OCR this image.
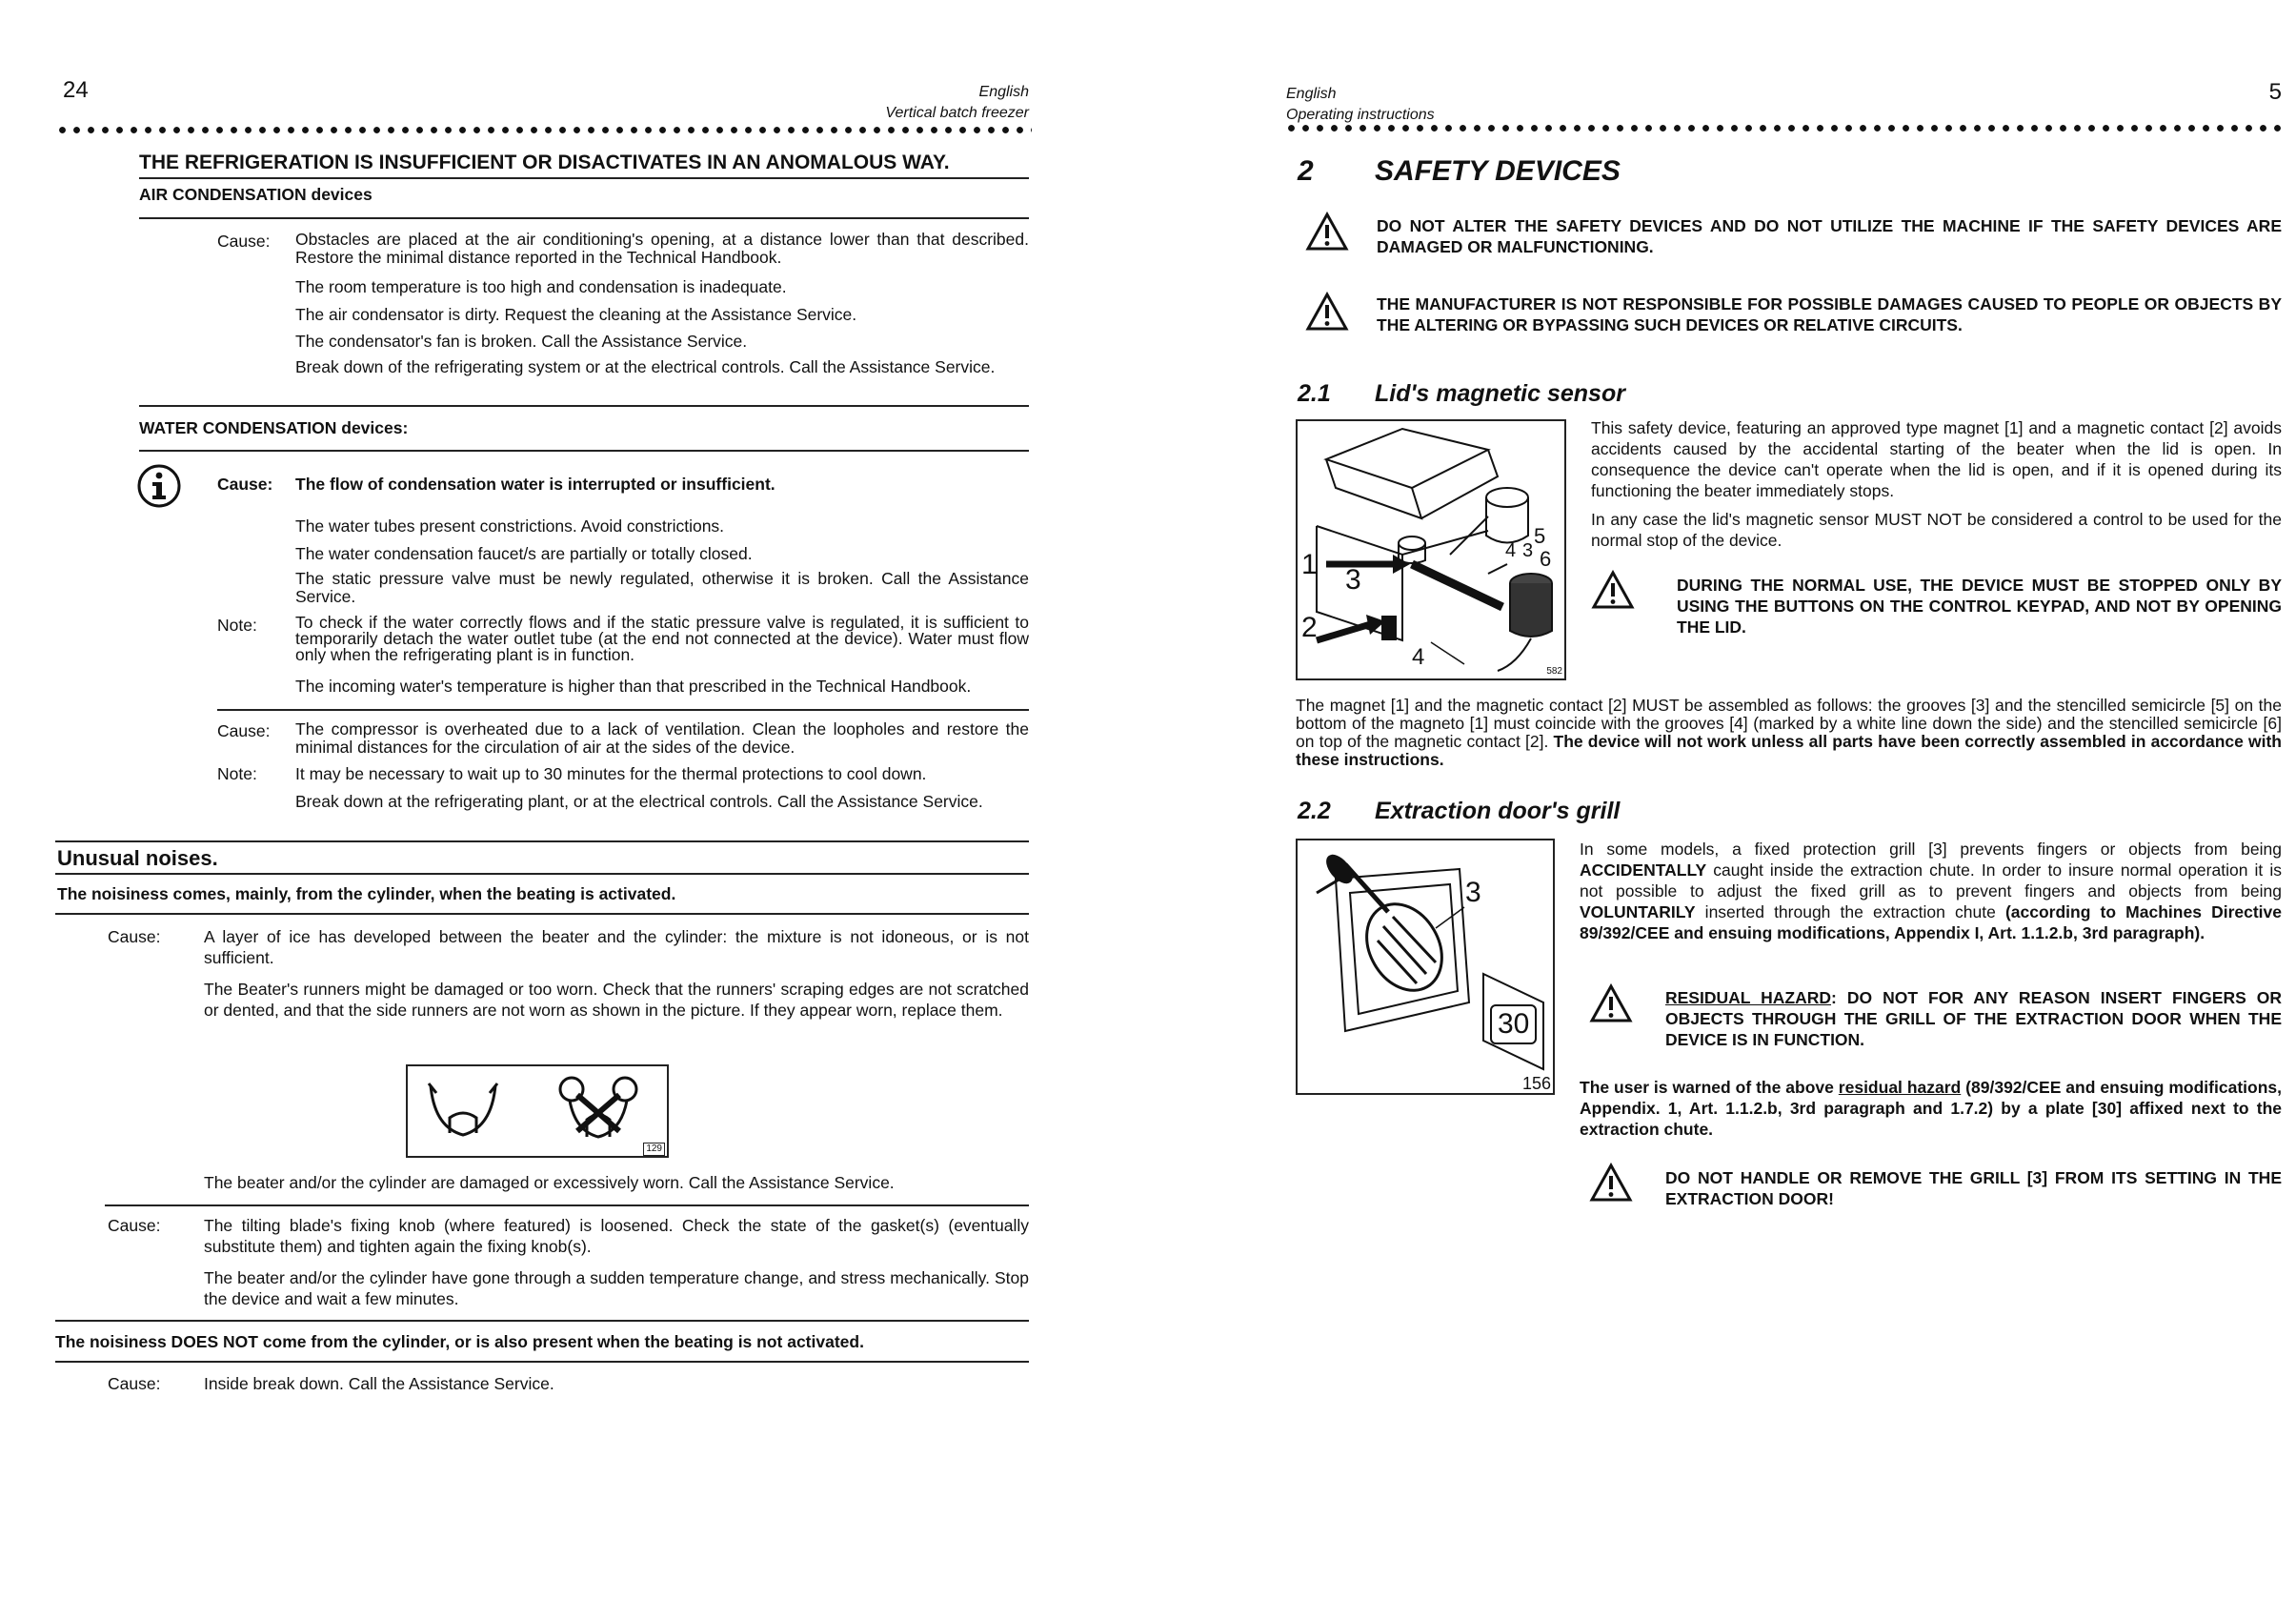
24	English
Vertical batch freezer
THE REFRIGERATION IS INSUFFICIENT OR DISACTIVATES IN AN ANOMALOUS WAY.
AIR CONDENSATION devices
Cause: Obstacles are placed at the air conditioning's opening, at a distance lower than that described. Restore the minimal distance reported in the Technical Handbook.
The room temperature is too high and condensation is inadequate.
The air condensator is dirty. Request the cleaning at the Assistance Service.
The condensator's fan is broken. Call the Assistance Service.
Break down of the refrigerating system or at the electrical controls. Call the Assistance Service.
WATER CONDENSATION devices:
Cause: The flow of condensation water is interrupted or insufficient.
The water tubes present constrictions. Avoid constrictions.
The water condensation faucet/s are partially or totally closed.
The static pressure valve must be newly regulated, otherwise it is broken. Call the Assistance Service.
Note: To check if the water correctly flows and if the static pressure valve is regulated, it is sufficient to temporarily detach the water outlet tube (at the end not connected at the device). Water must flow only when the refrigerating plant is in function.
The incoming water's temperature is higher than that prescribed in the Technical Handbook.
Cause: The compressor is overheated due to a lack of ventilation. Clean the loopholes and restore the minimal distances for the circulation of air at the sides of the device.
Note: It may be necessary to wait up to 30 minutes for the thermal protections to cool down.
Break down at the refrigerating plant, or at the electrical controls. Call the Assistance Service.
Unusual noises.
The noisiness comes, mainly, from the cylinder, when the beating is activated.
Cause:	A layer of ice has developed between the beater and the cylinder: the mixture is not idoneous, or is not sufficient.
The Beater's runners might be damaged or too worn. Check that the runners' scraping edges are not scratched or dented, and that the side runners are not worn as shown in the picture. If they appear worn, replace them.
129
The beater and/or the cylinder are damaged or excessively worn. Call the Assistance Service.
Cause:	The tilting blade's fixing knob (where featured) is loosened. Check the state of the gasket(s) (eventually substitute them) and tighten again the fixing knob(s).
The beater and/or the cylinder have gone through a sudden temperature change, and stress mechanically. Stop the device and wait a few minutes.
The noisiness DOES NOT come from the cylinder, or is also present when the beating is not activated.
Cause:	Inside break down. Call the Assistance Service.
English
Operating instructions
5
2 SAFETY DEVICES
DO NOT ALTER THE SAFETY DEVICES AND DO NOT UTILIZE THE MACHINE IF THE SAFETY DEVICES ARE DAMAGED OR MALFUNCTIONING.
THE MANUFACTURER IS NOT RESPONSIBLE FOR POSSIBLE DAMAGES CAUSED TO PEOPLE OR OBJECTS BY THE ALTERING OR BYPASSING SUCH DEVICES OR RELATIVE CIRCUITS.
2.1 Lid's magnetic sensor
1
2
3
4
5
6
4 3
582
This safety device, featuring an approved type magnet [1] and a magnetic contact [2] avoids accidents caused by the accidental starting of the beater when the lid is open. In consequence the device can't operate when the lid is open, and if it is opened during its functioning the beater immediately stops.
In any case the lid's magnetic sensor MUST NOT be considered a control to be used for the normal stop of the device.
DURING THE NORMAL USE, THE DEVICE MUST BE STOPPED ONLY BY USING THE BUTTONS ON THE CONTROL KEYPAD, AND NOT BY OPENING THE LID.
The magnet [1] and the magnetic contact [2] MUST be assembled as follows: the grooves [3] and the stencilled semicircle [5] on the bottom of the magneto [1] must coincide with the grooves [4] (marked by a white line down the side) and the stencilled semicircle [6] on top of the magnetic contact [2]. The device will not work unless all parts have been correctly assembled in accordance with these instructions.
2.2 Extraction door's grill
3
30
156
In some models, a fixed protection grill [3] prevents fingers or objects from being ACCIDENTALLY caught inside the extraction chute. In order to insure normal operation it is not possible to adjust the fixed grill as to prevent fingers and objects from being VOLUNTARILY inserted through the extraction chute (according to Machines Directive 89/392/CEE and ensuing modifications, Appendix I, Art. 1.1.2.b, 3rd paragraph).
RESIDUAL HAZARD: DO NOT FOR ANY REASON INSERT FINGERS OR OBJECTS THROUGH THE GRILL OF THE EXTRACTION DOOR WHEN THE DEVICE IS IN FUNCTION.
The user is warned of the above residual hazard (89/392/CEE and ensuing modifications, Appendix. 1, Art. 1.1.2.b, 3rd paragraph and 1.7.2) by a plate [30] affixed next to the extraction chute.
DO NOT HANDLE OR REMOVE THE GRILL [3] FROM ITS SETTING IN THE EXTRACTION DOOR!
